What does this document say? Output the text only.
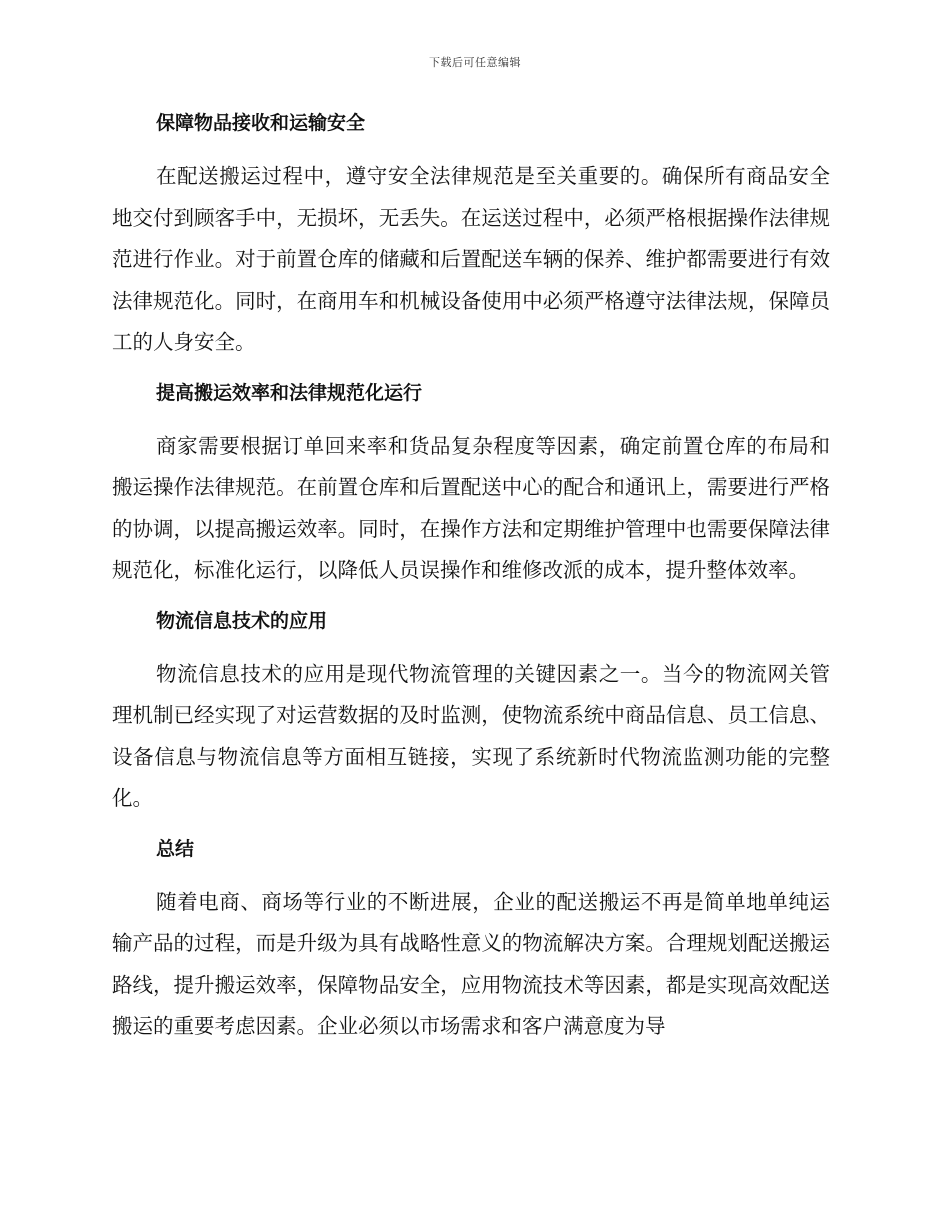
下载后可任意编辑
保障物品接收和运输安全

在配送搬运过程中，遵守安全法律规范是至关重要的。确保所有商品安全地交付到顾客手中，无损坏，无丢失。在运送过程中，必须严格根据操作法律规范进行作业。对于前置仓库的储藏和后置配送车辆的保养、维护都需要进行有效法律规范化。同时，在商用车和机械设备使用中必须严格遵守法律法规，保障员工的人身安全。

提高搬运效率和法律规范化运行

商家需要根据订单回来率和货品复杂程度等因素，确定前置仓库的布局和搬运操作法律规范。在前置仓库和后置配送中心的配合和通讯上，需要进行严格的协调，以提高搬运效率。同时，在操作方法和定期维护管理中也需要保障法律规范化，标准化运行，以降低人员误操作和维修改派的成本，提升整体效率。

物流信息技术的应用

物流信息技术的应用是现代物流管理的关键因素之一。当今的物流网关管理机制已经实现了对运营数据的及时监测，使物流系统中商品信息、员工信息、设备信息与物流信息等方面相互链接，实现了系统新时代物流监测功能的完整化。

总结

随着电商、商场等行业的不断进展，企业的配送搬运不再是简单地单纯运输产品的过程，而是升级为具有战略性意义的物流解决方案。合理规划配送搬运路线，提升搬运效率，保障物品安全，应用物流技术等因素，都是实现高效配送搬运的重要考虑因素。企业必须以市场需求和客户满意度为导
